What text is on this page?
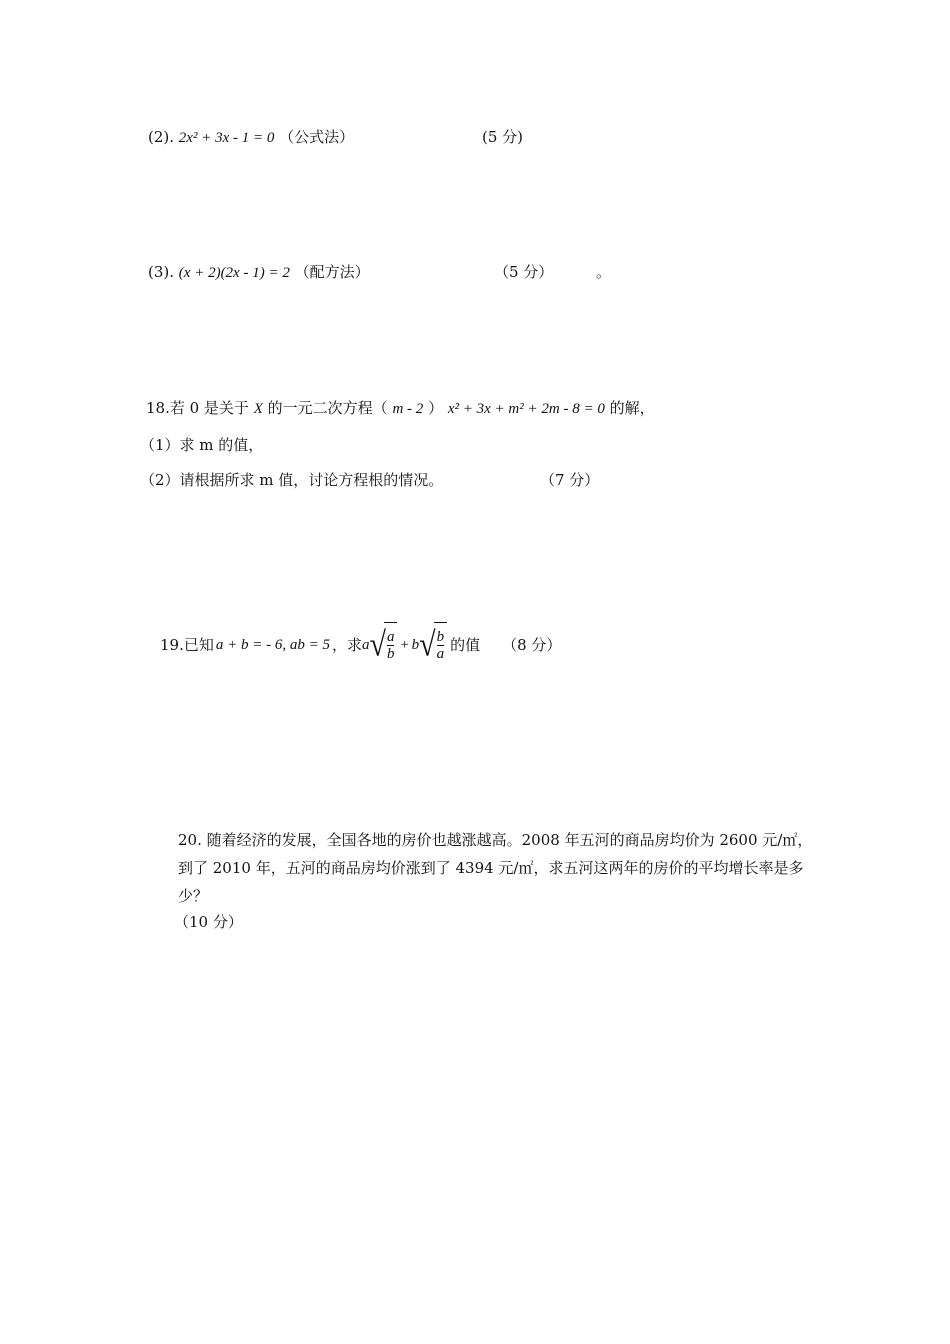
(2). 2x² + 3x - 1 = 0 （公式法）	(5 分)
(3). (x + 2)(2x - 1) = 2 （配方法）	（5 分）	。
18.若 0 是关于 X 的一元二次方程（ m - 2 ） x² + 3x + m² + 2m - 8 = 0 的解，
（1）求 m 的值，
（2）请根据所求 m 值，讨论方程根的情况。	（7 分）
19.已知 a + b = - 6, ab = 5 ，求 a √ $\frac{a}{b} + b$ √ $\frac{b}{a}$ 的值 （8 分）
20. 随着经济的发展，全国各地的房价也越涨越高。2008 年五河的商品房均价为 2600 元/㎡，到了 2010 年，五河的商品房均价涨到了 4394 元/㎡，求五河这两年的房价的平均增长率是多少？
（10 分）
